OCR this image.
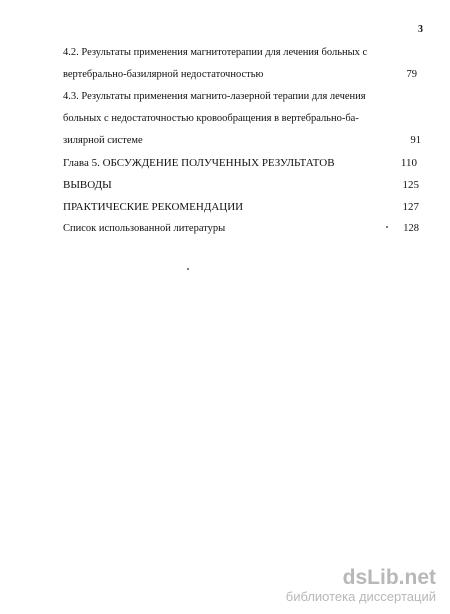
3
4.2. Результаты применения магнитотерапии для лечения больных с
вертебрально-базилярной недостаточностью	79
4.3. Результаты применения магнито-лазерной терапии для лечения
больных с недостаточностью кровообращения в вертебрально-ба-
зилярной системе	91
Глава 5. ОБСУЖДЕНИЕ ПОЛУЧЕННЫХ РЕЗУЛЬТАТОВ	110
ВЫВОДЫ	125
ПРАКТИЧЕСКИЕ РЕКОМЕНДАЦИИ	127
Список использованной литературы	128
dsLib.net
библиотека диссертаций
